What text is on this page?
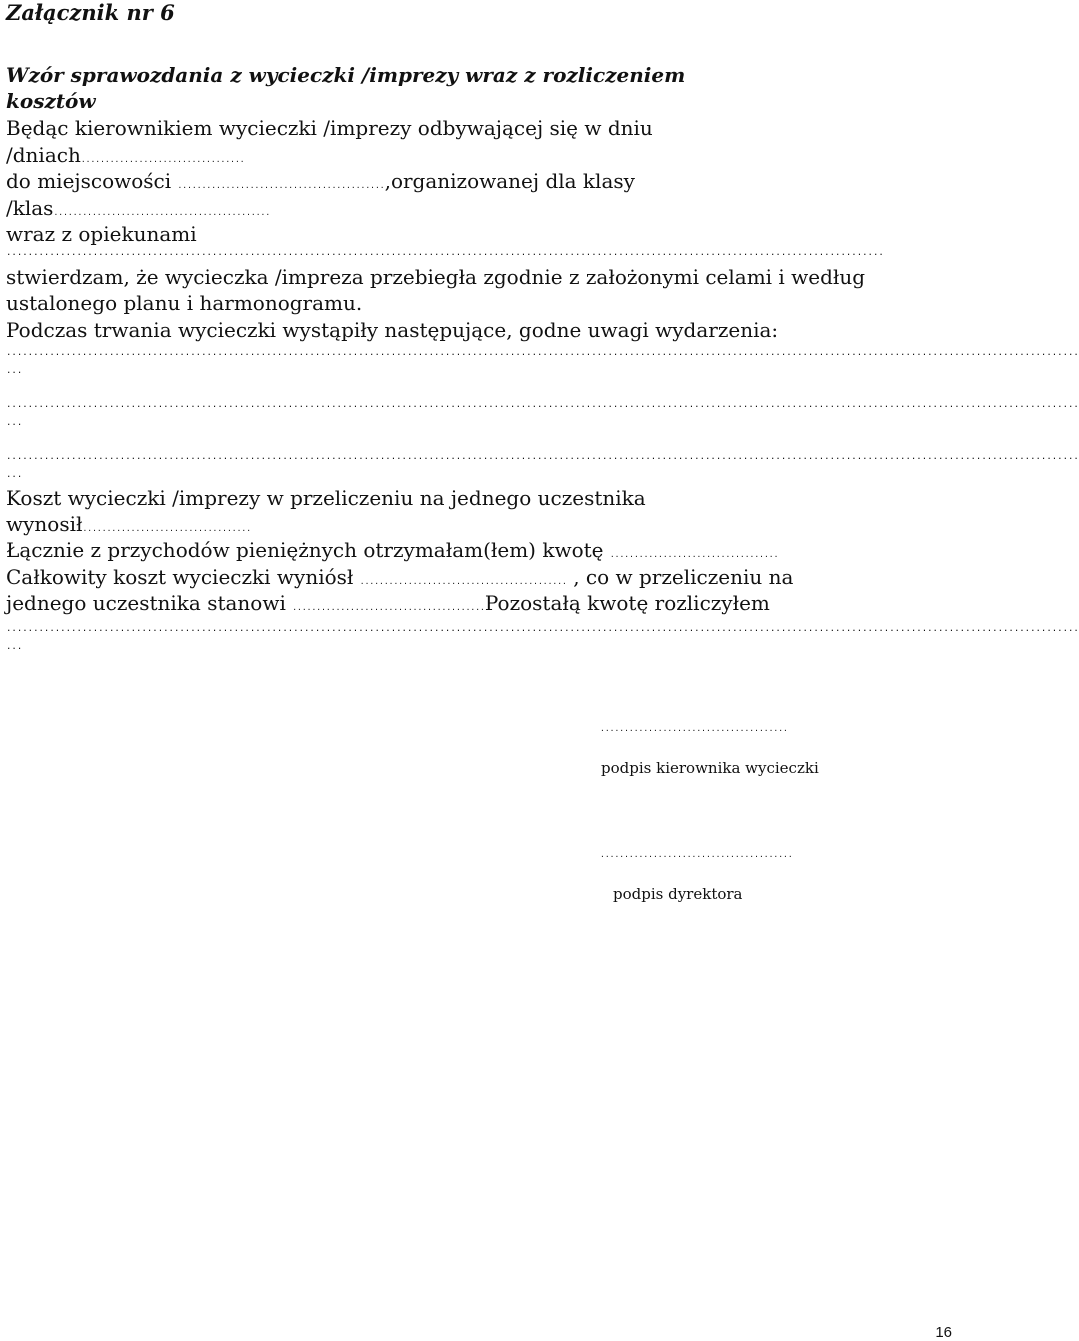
Załącznik nr 6
Wzór sprawozdania z wycieczki /imprezy wraz z rozliczeniem
kosztów
Będąc kierownikiem wycieczki /imprezy odbywającej się w dniu
/dniach..................................
do miejscowości ...........................................,organizowanej dla klasy
/klas.............................................
wraz z opiekunami
..................................................................................................................................................................
stwierdzam, że wycieczka /impreza przebiegła zgodnie z założonymi celami i według
ustalonego planu i harmonogramu.
Podczas trwania wycieczki wystąpiły następujące, godne uwagi wydarzenia:
......................................................................................................................................................................................................
...
......................................................................................................................................................................................................
...
......................................................................................................................................................................................................
...
Koszt wycieczki /imprezy w przeliczeniu na jednego uczestnika
wynosił...................................
Łącznie z przychodów pieniężnych otrzymałam(łem) kwotę ...................................
Całkowity koszt wycieczki wyniósł ........................................... , co w przeliczeniu na
jednego uczestnika stanowi ........................................Pozostałą kwotę rozliczyłem
......................................................................................................................................................................................................
...
.......................................
podpis kierownika wycieczki
........................................
podpis dyrektora
16
